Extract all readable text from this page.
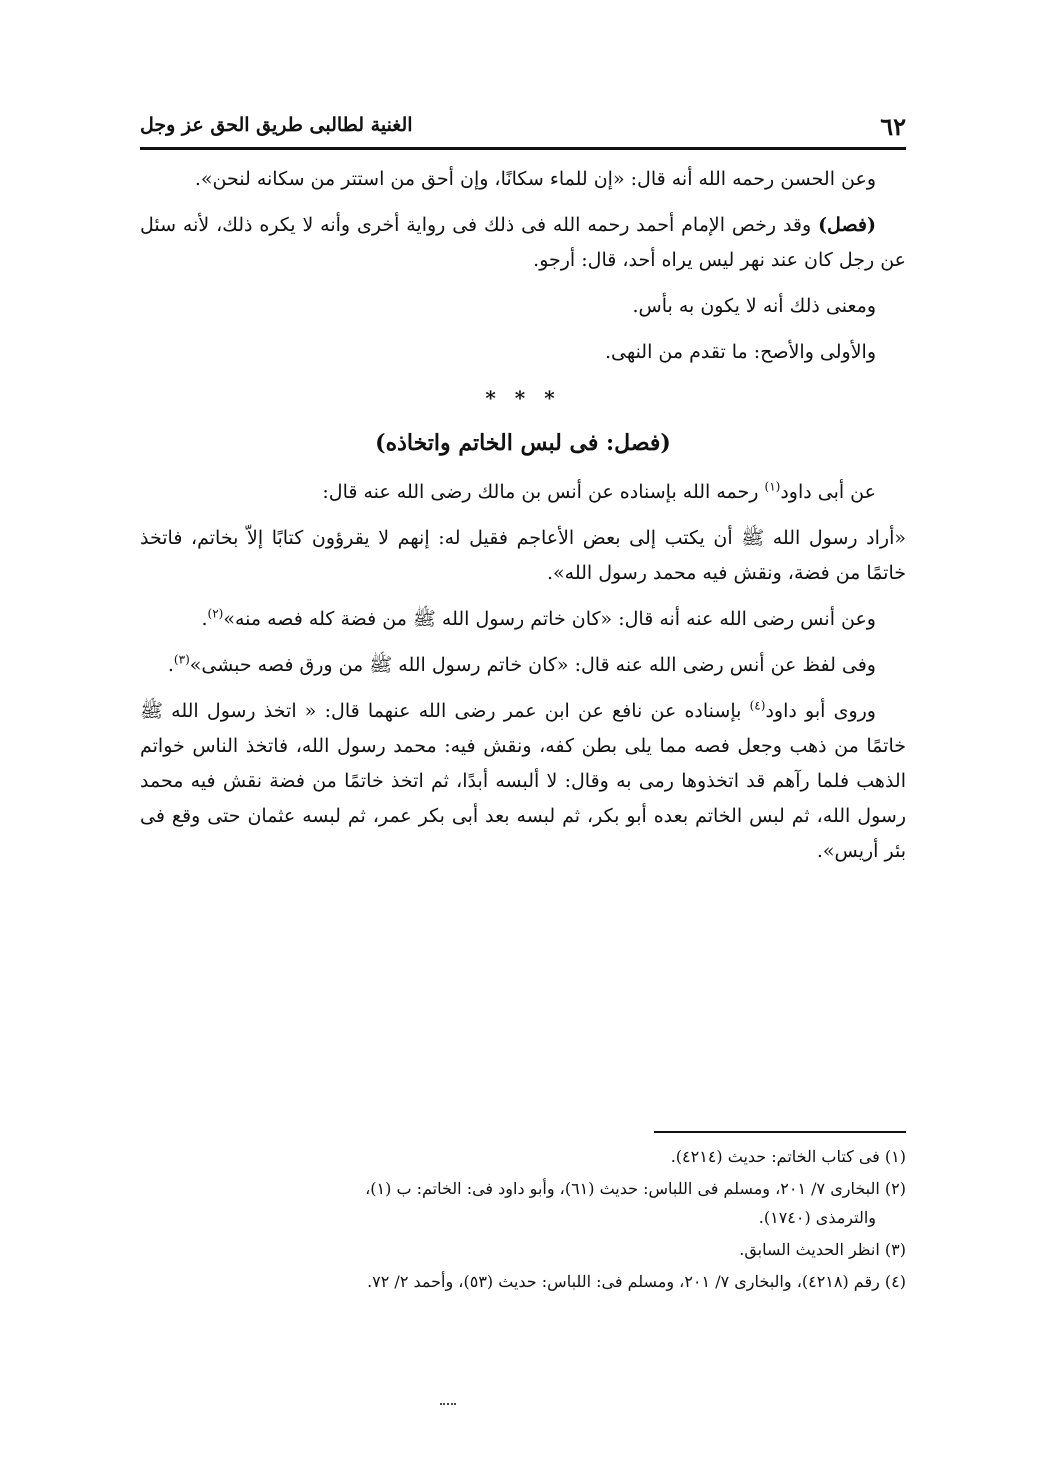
٦٢
الغنية لطالبى طريق الحق عز وجل

وعن الحسن رحمه الله أنه قال: «إن للماء سكانًا، وإن أحق من استتر من سكانه لنحن».

(فصل) وقد رخص الإمام أحمد رحمه الله فى ذلك فى رواية أخرى وأنه لا يكره ذلك، لأنه سئل عن رجل كان عند نهر ليس يراه أحد، قال: أرجو.

ومعنى ذلك أنه لا يكون به بأس.

والأولى والأصح: ما تقدم من النهى.

* * *
(فصل: فى لبس الخاتم واتخاذه)

عن أبى داود$^{(١)}$ رحمه الله بإسناده عن أنس بن مالك رضى الله عنه قال:

«أراد رسول الله ﷺ أن يكتب إلى بعض الأعاجم فقيل له: إنهم لا يقرؤون كتابًا إلاّ بخاتم، فاتخذ خاتمًا من فضة، ونقش فيه محمد رسول الله».

وعن أنس رضى الله عنه أنه قال: «كان خاتم رسول الله ﷺ من فضة كله فصه منه»$^{(٢)}$.

وفى لفظ عن أنس رضى الله عنه قال: «كان خاتم رسول الله ﷺ من ورق فصه حبشى»$^{(٣)}$.

وروى أبو داود$^{(٤)}$ بإسناده عن نافع عن ابن عمر رضى الله عنهما قال: « اتخذ رسول الله ﷺ خاتمًا من ذهب وجعل فصه مما يلى بطن كفه، ونقش فيه: محمد رسول الله، فاتخذ الناس خواتم الذهب فلما رآهم قد اتخذوها رمى به وقال: لا ألبسه أبدًا، ثم اتخذ خاتمًا من فضة نقش فيه محمد رسول الله، ثم لبس الخاتم بعده أبو بكر، ثم لبسه بعد أبى بكر عمر، ثم لبسه عثمان حتى وقع فى بئر أريس».

(١) فى كتاب الخاتم: حديث (٤٢١٤).
(٢) البخارى ٧/ ٢٠١، ومسلم فى اللباس: حديث (٦١)، وأبو داود فى: الخاتم: ب (١)،
والترمذى (١٧٤٠).
(٣) انظر الحديث السابق.
(٤) رقم (٤٢١٨)، والبخارى ٧/ ٢٠١، ومسلم فى: اللباس: حديث (٥٣)، وأحمد ٢/ ٧٢.
